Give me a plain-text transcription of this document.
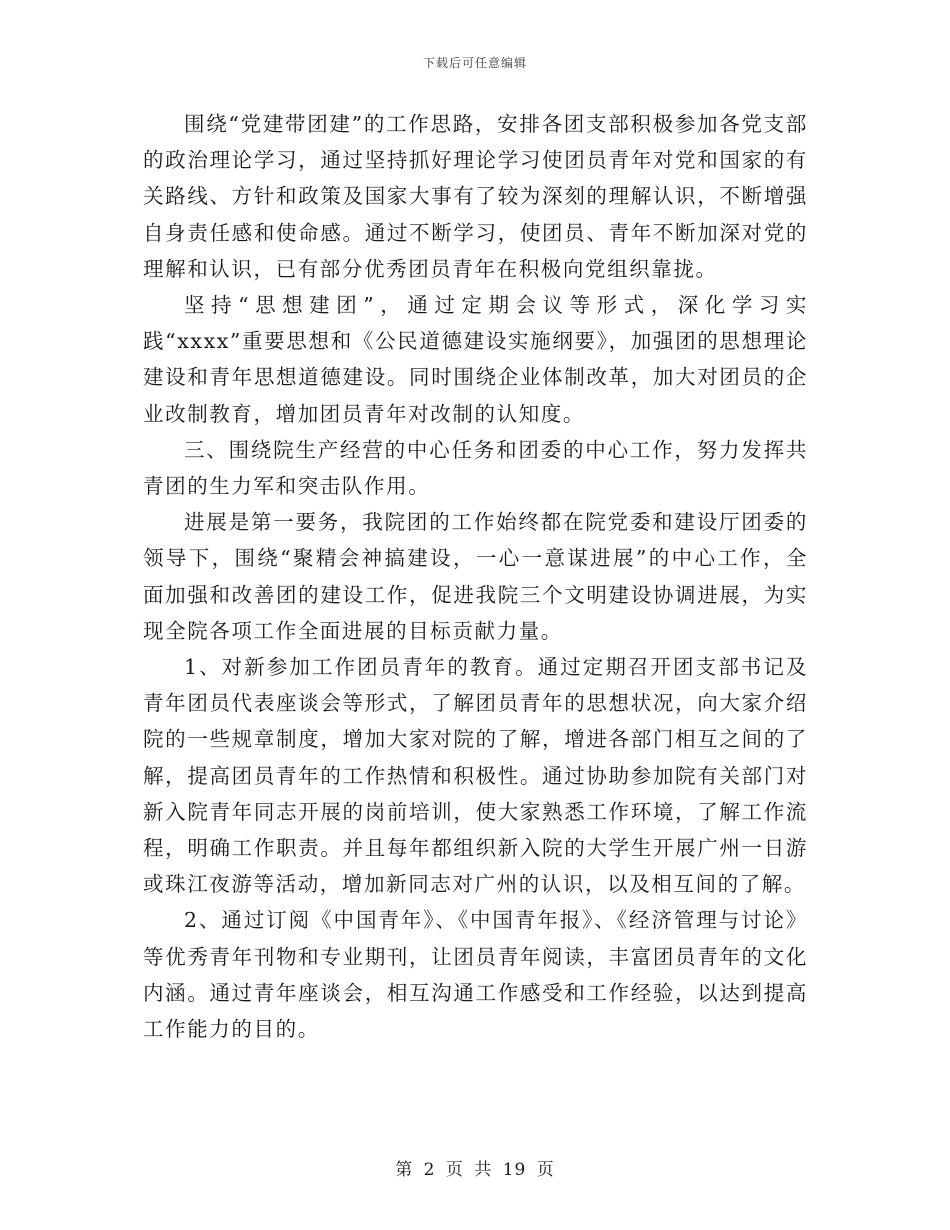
下载后可任意编辑

围绕“党建带团建”的工作思路，安排各团支部积极参加各党支部的政治理论学习，通过坚持抓好理论学习使团员青年对党和国家的有关路线、方针和政策及国家大事有了较为深刻的理解认识，不断增强自身责任感和使命感。通过不断学习，使团员、青年不断加深对党的理解和认识，已有部分优秀团员青年在积极向党组织靠拢。

坚持“思想建团”，通过定期会议等形式，深化学习实践“xxxx”重要思想和《公民道德建设实施纲要》，加强团的思想理论建设和青年思想道德建设。同时围绕企业体制改革，加大对团员的企业改制教育，增加团员青年对改制的认知度。

三、围绕院生产经营的中心任务和团委的中心工作，努力发挥共青团的生力军和突击队作用。

进展是第一要务，我院团的工作始终都在院党委和建设厅团委的领导下，围绕“聚精会神搞建设，一心一意谋进展”的中心工作，全面加强和改善团的建设工作，促进我院三个文明建设协调进展，为实现全院各项工作全面进展的目标贡献力量。

1、对新参加工作团员青年的教育。通过定期召开团支部书记及青年团员代表座谈会等形式，了解团员青年的思想状况，向大家介绍院的一些规章制度，增加大家对院的了解，增进各部门相互之间的了解，提高团员青年的工作热情和积极性。通过协助参加院有关部门对新入院青年同志开展的岗前培训，使大家熟悉工作环境，了解工作流程，明确工作职责。并且每年都组织新入院的大学生开展广州一日游或珠江夜游等活动，增加新同志对广州的认识，以及相互间的了解。

2、通过订阅《中国青年》、《中国青年报》、《经济管理与讨论》等优秀青年刊物和专业期刊，让团员青年阅读，丰富团员青年的文化内涵。通过青年座谈会，相互沟通工作感受和工作经验，以达到提高工作能力的目的。

第 2 页 共 19 页
